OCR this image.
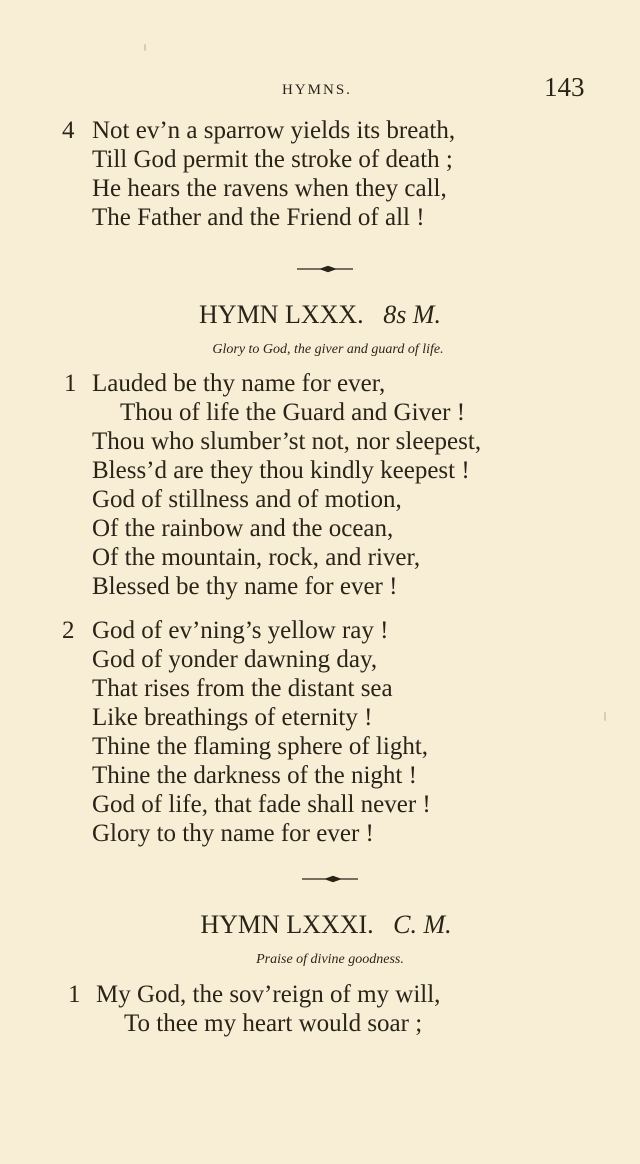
HYMNS.	143
4 Not ev’n a sparrow yields its breath,
Till God permit the stroke of death ;
He hears the ravens when they call,
The Father and the Friend of all !
HYMN LXXX. 8s M.
Glory to God, the giver and guard of life.
1 Lauded be thy name for ever,
Thou of life the Guard and Giver !
Thou who slumber’st not, nor sleepest,
Bless’d are they thou kindly keepest !
God of stillness and of motion,
Of the rainbow and the ocean,
Of the mountain, rock, and river,
Blessed be thy name for ever !
2 God of ev’ning’s yellow ray !
God of yonder dawning day,
That rises from the distant sea
Like breathings of eternity !
Thine the flaming sphere of light,
Thine the darkness of the night !
God of life, that fade shall never !
Glory to thy name for ever !
HYMN LXXXI. C. M.
Praise of divine goodness.
1 My God, the sov’reign of my will,
To thee my heart would soar ;
